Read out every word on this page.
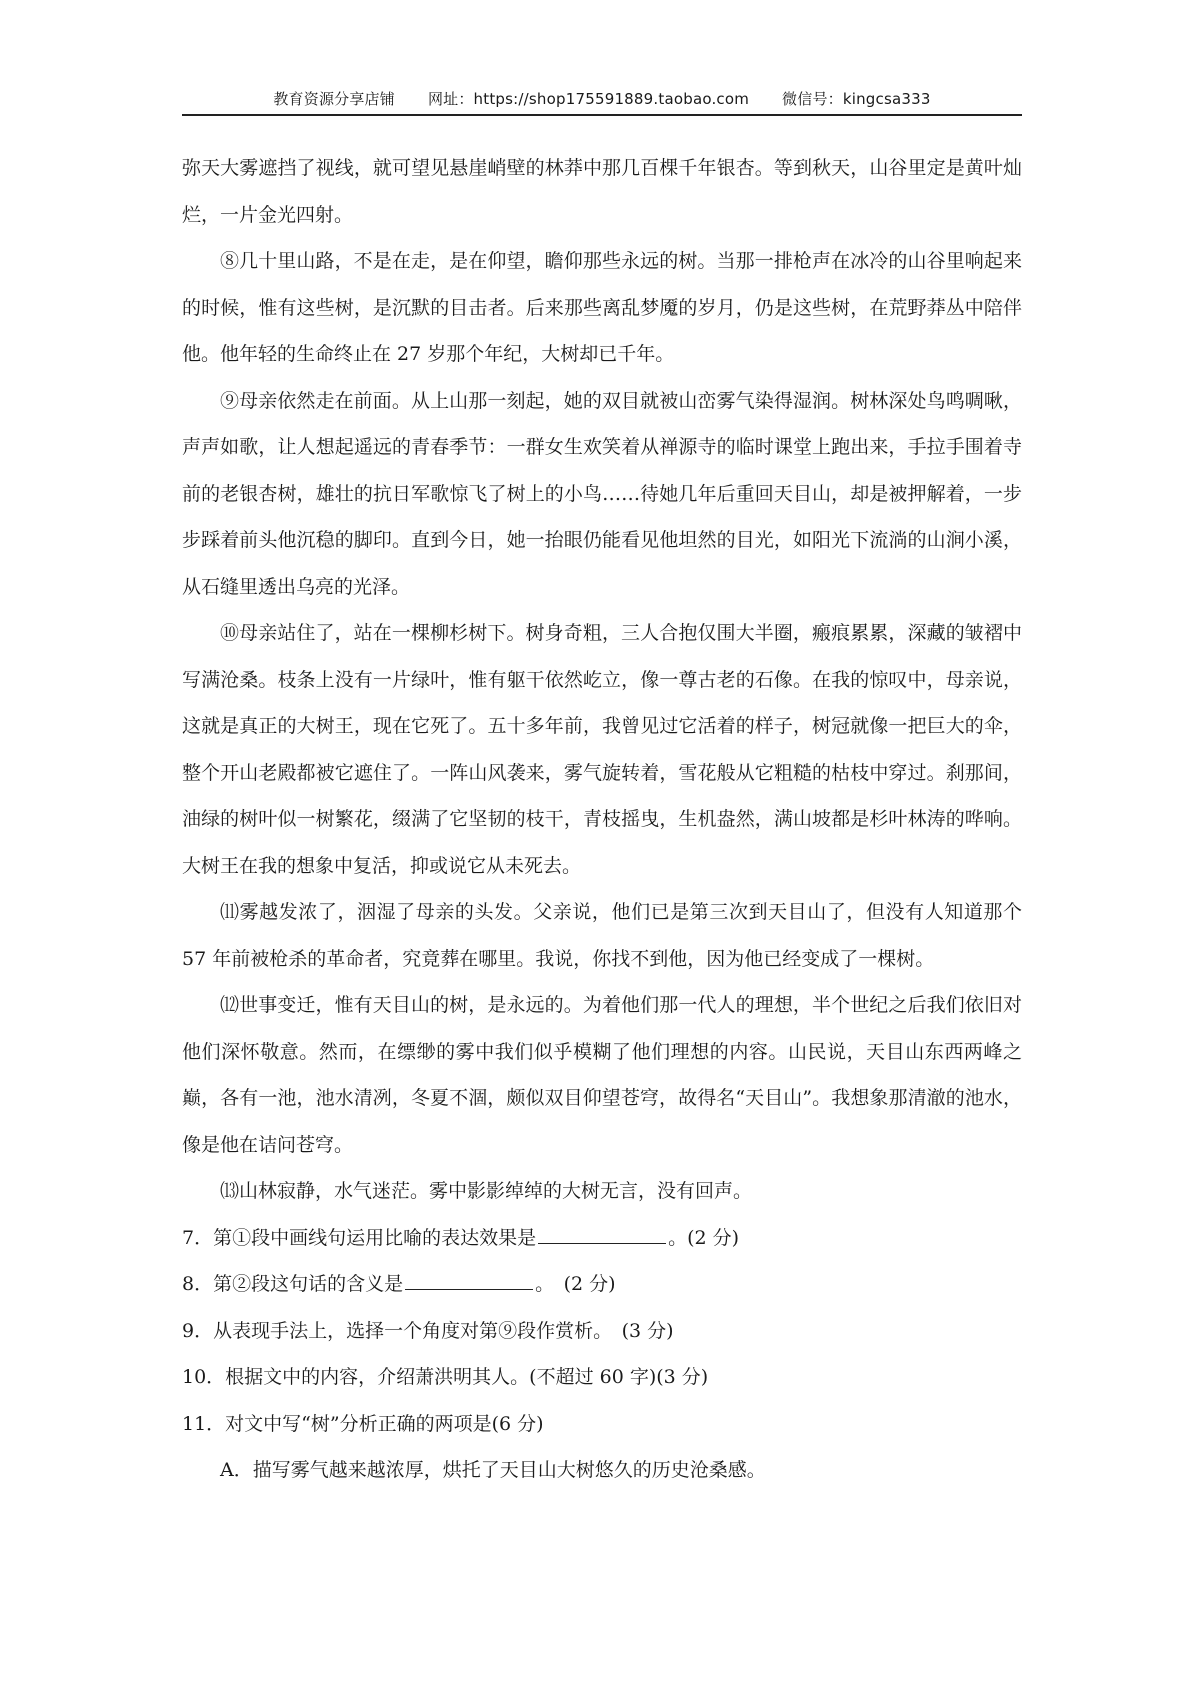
教育资源分享店铺 网址：https://shop175591889.taobao.com 微信号：kingcsa333

弥天大雾遮挡了视线，就可望见悬崖峭壁的林莽中那几百棵千年银杏。等到秋天，山谷里定是黄叶灿烂，一片金光四射。

⑧几十里山路，不是在走，是在仰望，瞻仰那些永远的树。当那一排枪声在冰冷的山谷里响起来的时候，惟有这些树，是沉默的目击者。后来那些离乱梦魇的岁月，仍是这些树，在荒野莽丛中陪伴他。他年轻的生命终止在 27 岁那个年纪，大树却已千年。

⑨母亲依然走在前面。从上山那一刻起，她的双目就被山峦雾气染得湿润。树林深处鸟鸣啁啾，声声如歌，让人想起遥远的青春季节：一群女生欢笑着从禅源寺的临时课堂上跑出来，手拉手围着寺前的老银杏树，雄壮的抗日军歌惊飞了树上的小鸟……待她几年后重回天目山，却是被押解着，一步步踩着前头他沉稳的脚印。直到今日，她一抬眼仍能看见他坦然的目光，如阳光下流淌的山涧小溪，从石缝里透出乌亮的光泽。

⑩母亲站住了，站在一棵柳杉树下。树身奇粗，三人合抱仅围大半圈，瘢痕累累，深藏的皱褶中写满沧桑。枝条上没有一片绿叶，惟有躯干依然屹立，像一尊古老的石像。在我的惊叹中，母亲说，这就是真正的大树王，现在它死了。五十多年前，我曾见过它活着的样子，树冠就像一把巨大的伞，整个开山老殿都被它遮住了。一阵山风袭来，雾气旋转着，雪花般从它粗糙的枯枝中穿过。刹那间，油绿的树叶似一树繁花，缀满了它坚韧的枝干，青枝摇曳，生机盎然，满山坡都是杉叶林涛的哗响。大树王在我的想象中复活，抑或说它从未死去。

⑾雾越发浓了，洇湿了母亲的头发。父亲说，他们已是第三次到天目山了，但没有人知道那个 57 年前被枪杀的革命者，究竟葬在哪里。我说，你找不到他，因为他已经变成了一棵树。

⑿世事变迁，惟有天目山的树，是永远的。为着他们那一代人的理想，半个世纪之后我们依旧对他们深怀敬意。然而，在缥缈的雾中我们似乎模糊了他们理想的内容。山民说，天目山东西两峰之巅，各有一池，池水清冽，冬夏不涸，颇似双目仰望苍穹，故得名“天目山”。我想象那清澈的池水，像是他在诘问苍穹。

⒀山林寂静，水气迷茫。雾中影影绰绰的大树无言，没有回声。

7．第①段中画线句运用比喻的表达效果是	。(2 分)

8．第②段这句话的含义是	。　(2 分)

9．从表现手法上，选择一个角度对第⑨段作赏析。　(3 分)

10．根据文中的内容，介绍萧洪明其人。(不超过 60 字)(3 分)

11．对文中写“树”分析正确的两项是(6 分)

A．描写雾气越来越浓厚，烘托了天目山大树悠久的历史沧桑感。
